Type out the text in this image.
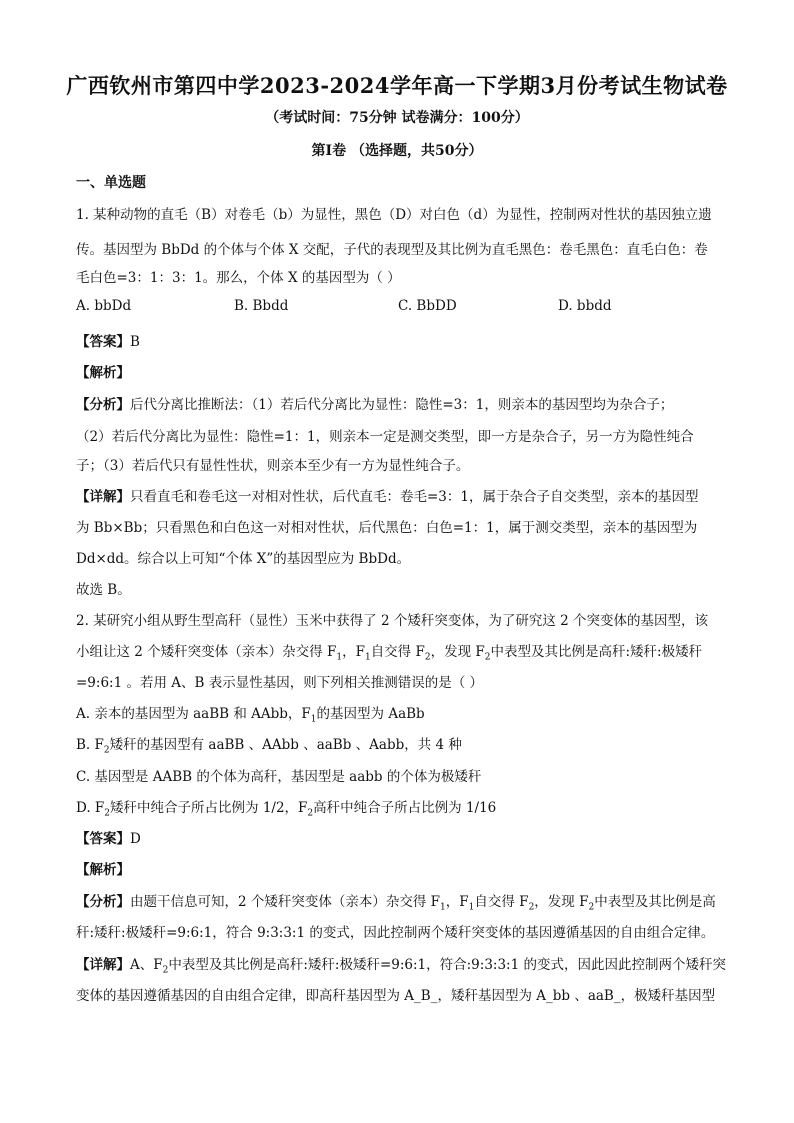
广西钦州市第四中学2023-2024学年高一下学期3月份考试生物试卷
（考试时间：75分钟 试卷满分：100分）
第I卷 （选择题，共50分）
一、单选题
1. 某种动物的直毛（B）对卷毛（b）为显性，黑色（D）对白色（d）为显性，控制两对性状的基因独立遗
传。基因型为 BbDd 的个体与个体 X 交配，子代的表现型及其比例为直毛黑色：卷毛黑色：直毛白色：卷
毛白色=3：1：3：1。那么，个体 X 的基因型为（ ）
A. bbDd	B. Bbdd	C. BbDD	D. bbdd
【答案】B
【解析】
【分析】后代分离比推断法：（1）若后代分离比为显性：隐性=3：1，则亲本的基因型均为杂合子；
（2）若后代分离比为显性：隐性=1：1，则亲本一定是测交类型，即一方是杂合子，另一方为隐性纯合
子；（3）若后代只有显性性状，则亲本至少有一方为显性纯合子。
【详解】只看直毛和卷毛这一对相对性状，后代直毛：卷毛=3：1，属于杂合子自交类型，亲本的基因型
为 Bb×Bb；只看黑色和白色这一对相对性状，后代黑色：白色=1：1，属于测交类型，亲本的基因型为
Dd×dd。综合以上可知“个体 X”的基因型应为 BbDd。
故选 B。
2. 某研究小组从野生型高秆（显性）玉米中获得了 2 个矮秆突变体，为了研究这 2 个突变体的基因型，该
小组让这 2 个矮秆突变体（亲本）杂交得 $F_1$，$F_1$自交得 $F_2$，发现 $F_2$中表型及其比例是高秆:矮秆:极矮秆
=9:6:1 。若用 A、B 表示显性基因，则下列相关推测错误的是（ ）
A. 亲本的基因型为 aaBB 和 AAbb，$F_1$的基因型为 AaBb
B. $F_2$矮秆的基因型有 aaBB 、AAbb 、aaBb 、Aabb，共 4 种
C. 基因型是 AABB 的个体为高秆，基因型是 aabb 的个体为极矮秆
D. $F_2$矮秆中纯合子所占比例为 1/2，$F_2$高秆中纯合子所占比例为 1/16
【答案】D
【解析】
【分析】由题干信息可知，2 个矮秆突变体（亲本）杂交得 $F_1$，$F_1$自交得 $F_2$，发现 $F_2$中表型及其比例是高
秆:矮秆:极矮秆=9:6:1，符合 9:3:3:1 的变式，因此控制两个矮秆突变体的基因遵循基因的自由组合定律。
【详解】A、$F_2$中表型及其比例是高秆:矮秆:极矮秆=9:6:1，符合:9:3:3:1 的变式，因此因此控制两个矮秆突
变体的基因遵循基因的自由组合定律，即高秆基因型为 A_B_，矮秆基因型为 A_bb 、aaB_，极矮秆基因型
